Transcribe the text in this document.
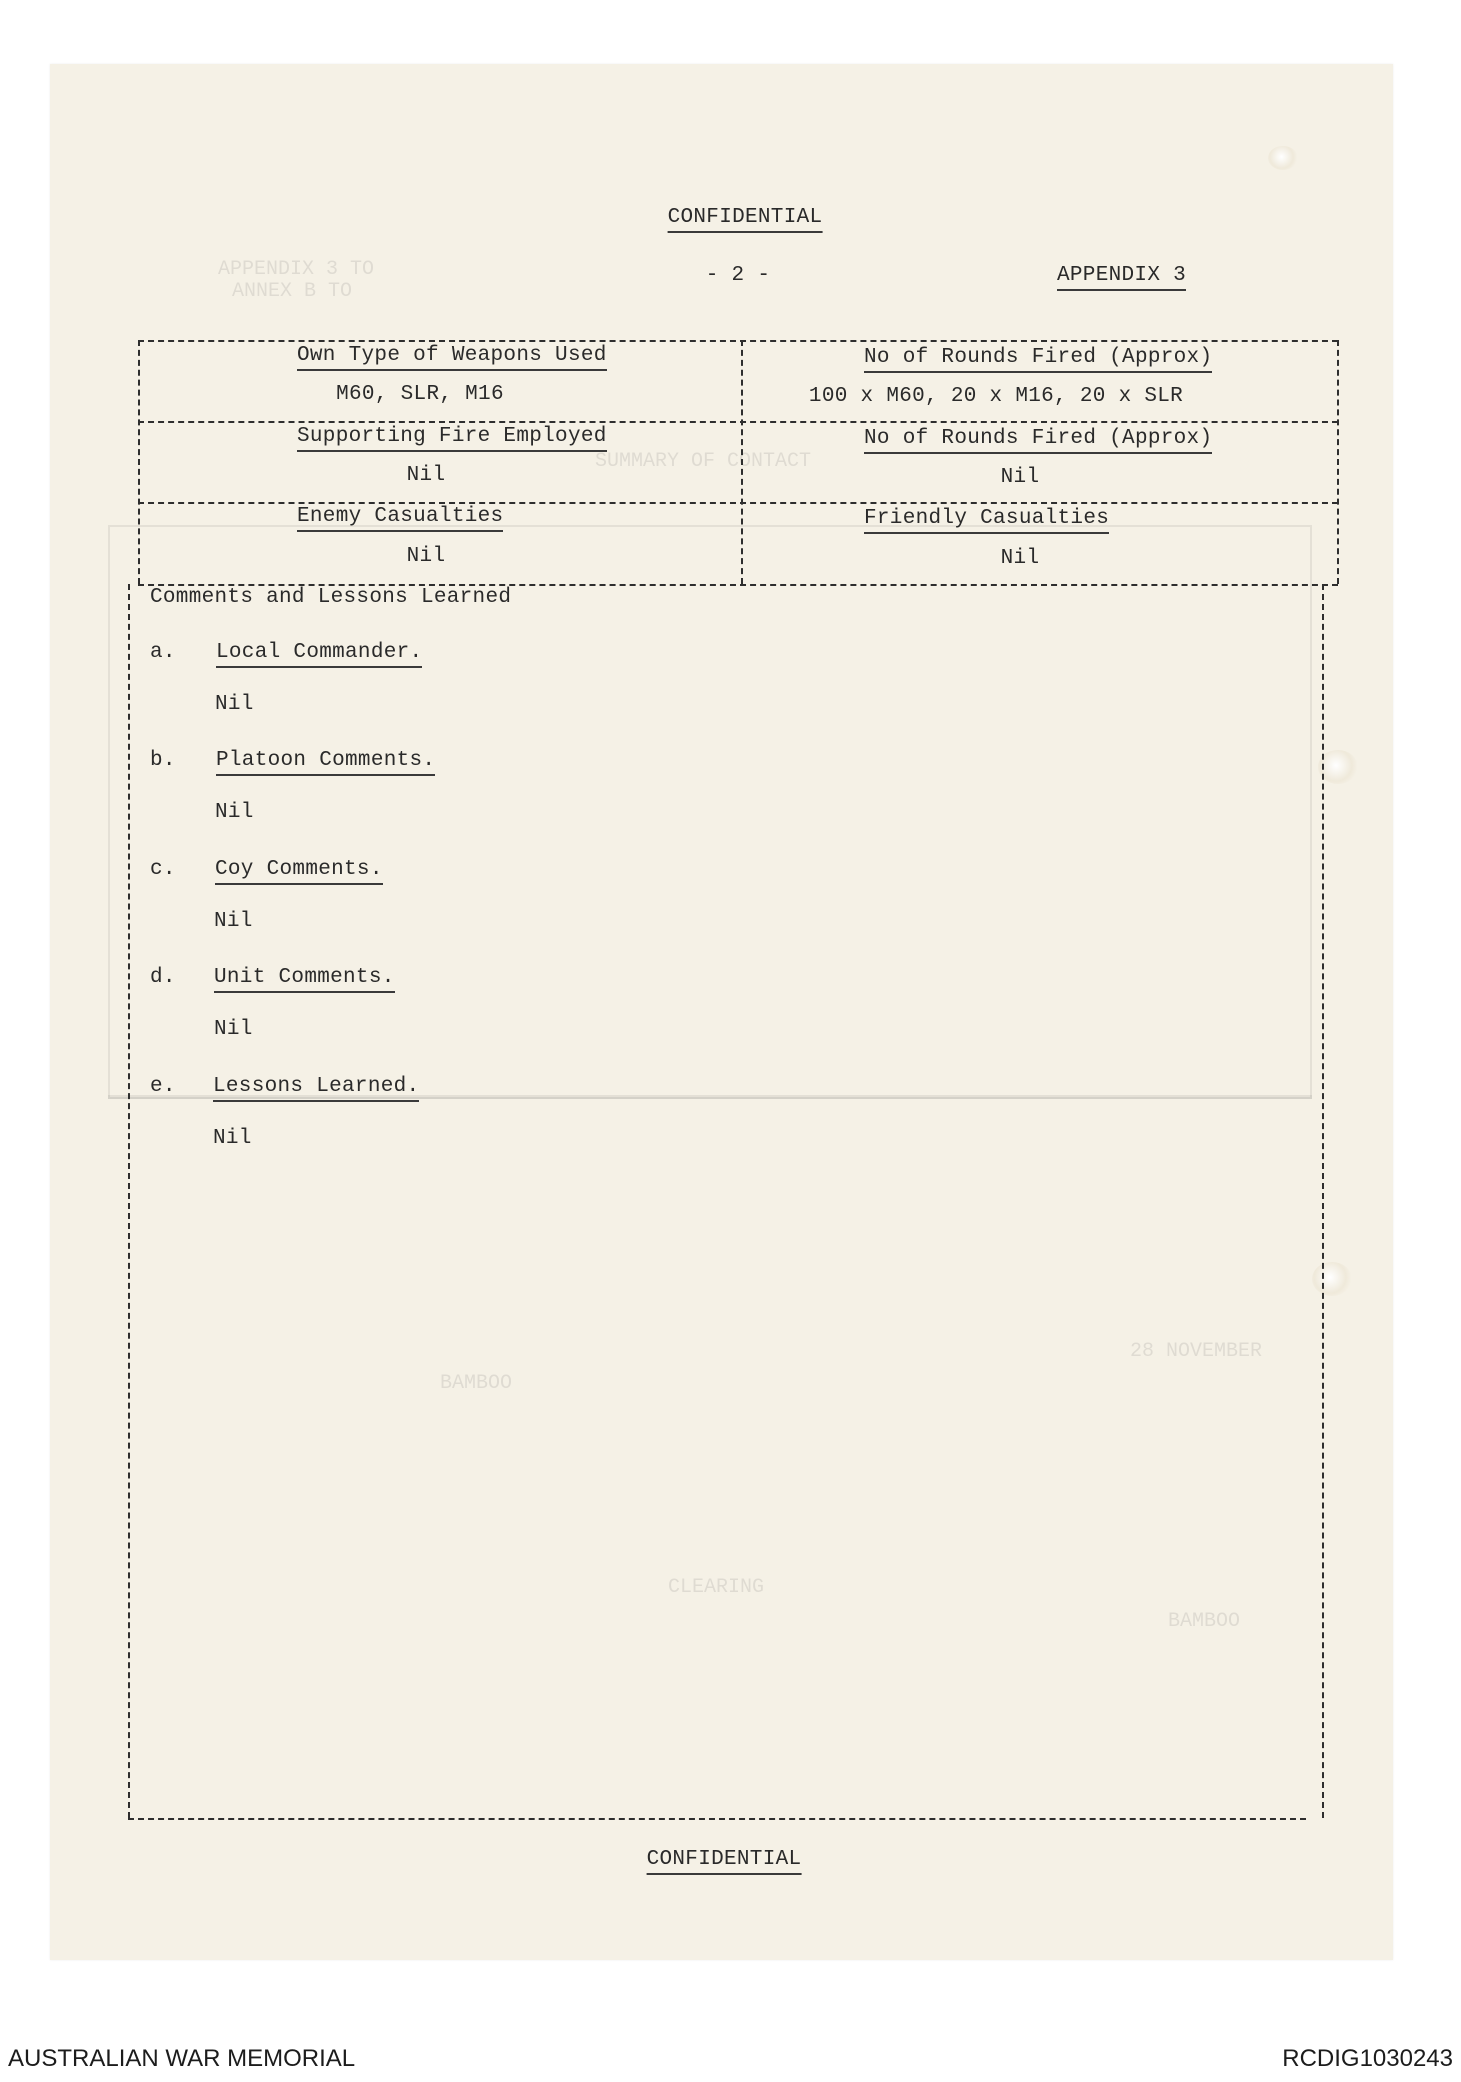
APPENDIX 3 TO
ANNEX B TO
SUMMARY OF CONTACT
BAMBOO
CLEARING
BAMBOO
28 NOVEMBER
CONFIDENTIAL
- 2 -	APPENDIX 3
Own Type of Weapons Used
M60, SLR, M16
No of Rounds Fired (Approx)
100 x M60, 20 x M16, 20 x SLR
Supporting Fire Employed
Nil
No of Rounds Fired (Approx)
Nil
Enemy Casualties
Nil
Friendly Casualties
Nil
Comments and Lessons Learned
a. Local Commander.
Nil
b. Platoon Comments.
Nil
c. Coy Comments.
Nil
d. Unit Comments.
Nil
e. Lessons Learned.
Nil
CONFIDENTIAL
AUSTRALIAN WAR MEMORIAL	RCDIG1030243
